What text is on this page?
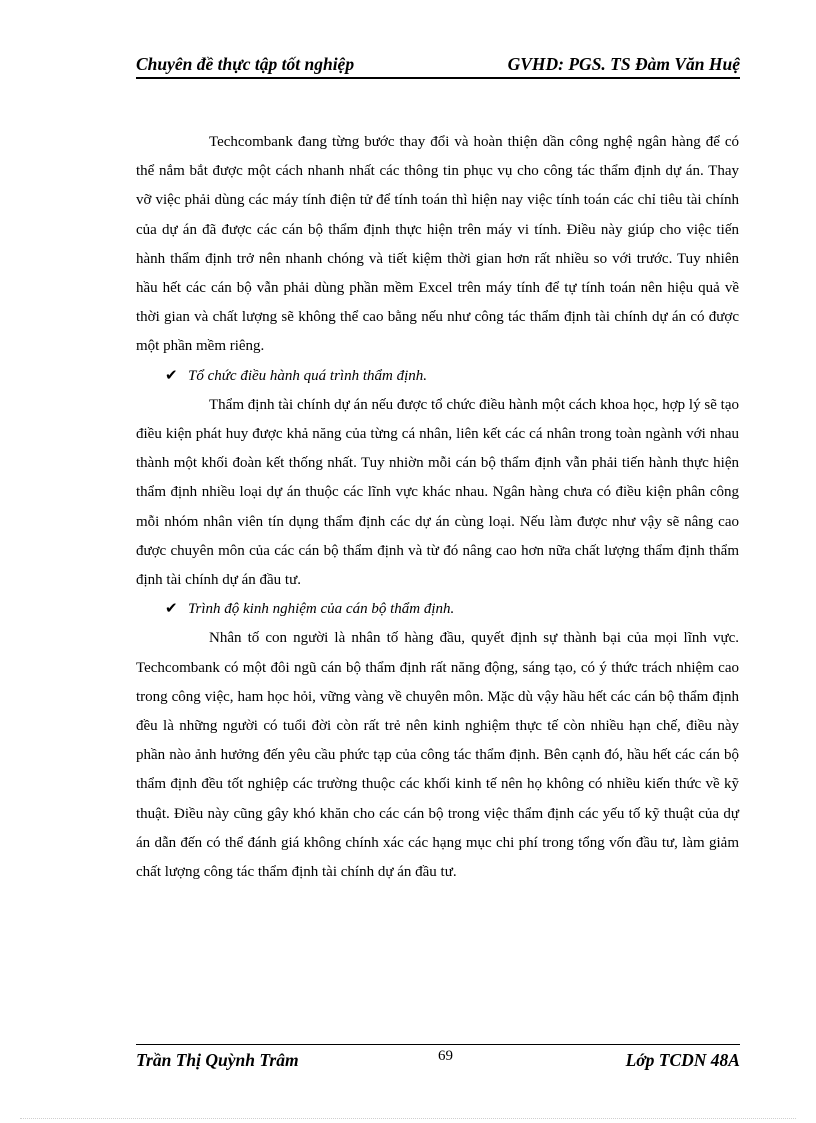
Chuyên đề thực tập tốt nghiệp	GVHD: PGS. TS Đàm Văn Huệ

Techcombank đang từng bước thay đổi và hoàn thiện dần công nghệ ngân hàng để có thể nắm bắt được một cách nhanh nhất các thông tin phục vụ cho công tác thẩm định dự án. Thay vỡ việc phải dùng các máy tính điện tử để tính toán thì hiện nay việc tính toán các chỉ tiêu tài chính của dự án đã được các cán bộ thẩm định thực hiện trên máy vi tính. Điều này giúp cho việc tiến hành thẩm định trở nên nhanh chóng và tiết kiệm thời gian hơn rất nhiều so với trước. Tuy nhiên hầu hết các cán bộ vẫn phải dùng phần mềm Excel trên máy tính để tự tính toán nên hiệu quả về thời gian và chất lượng sẽ không thể cao bằng nếu như công tác thẩm định tài chính dự án có được một phần mềm riêng.

✔ Tổ chức điều hành quá trình thẩm định.

Thẩm định tài chính dự án nếu được tổ chức điều hành một cách khoa học, hợp lý sẽ tạo điều kiện phát huy được khả năng của từng cá nhân, liên kết các cá nhân trong toàn ngành với nhau thành một khối đoàn kết thống nhất. Tuy nhiờn mỗi cán bộ thẩm định vẫn phải tiến hành thực hiện thẩm định nhiều loại dự án thuộc các lĩnh vực khác nhau. Ngân hàng chưa có điều kiện phân công mỗi nhóm nhân viên tín dụng thẩm định các dự án cùng loại. Nếu làm được như vậy sẽ nâng cao được chuyên môn của các cán bộ thẩm định và từ đó nâng cao hơn nữa chất lượng thẩm định thẩm định tài chính dự án đầu tư.

✔ Trình độ kinh nghiệm của cán bộ thẩm định.

Nhân tố con người là nhân tố hàng đầu, quyết định sự thành bại của mọi lĩnh vực. Techcombank có một đôi ngũ cán bộ thẩm định rất năng động, sáng tạo, có ý thức trách nhiệm cao trong công việc, ham học hỏi, vững vàng về chuyên môn. Mặc dù vậy hầu hết các cán bộ thẩm định đều là những người có tuổi đời còn rất trẻ nên kinh nghiệm thực tế còn nhiều hạn chế, điều này phần nào ảnh hưởng đến yêu cầu phức tạp của công tác thẩm định. Bên cạnh đó, hầu hết các cán bộ thẩm định đều tốt nghiệp các trường thuộc các khối kinh tế nên họ không có nhiều kiến thức về kỹ thuật. Điều này cũng gây khó khăn cho các cán bộ trong việc thẩm định các yếu tố kỹ thuật của dự án dẫn đến có thể đánh giá không chính xác các hạng mục chi phí trong tổng vốn đầu tư, làm giảm chất lượng công tác thẩm định tài chính dự án đầu tư.

Trần Thị Quỳnh Trâm	69	Lớp TCDN 48A
